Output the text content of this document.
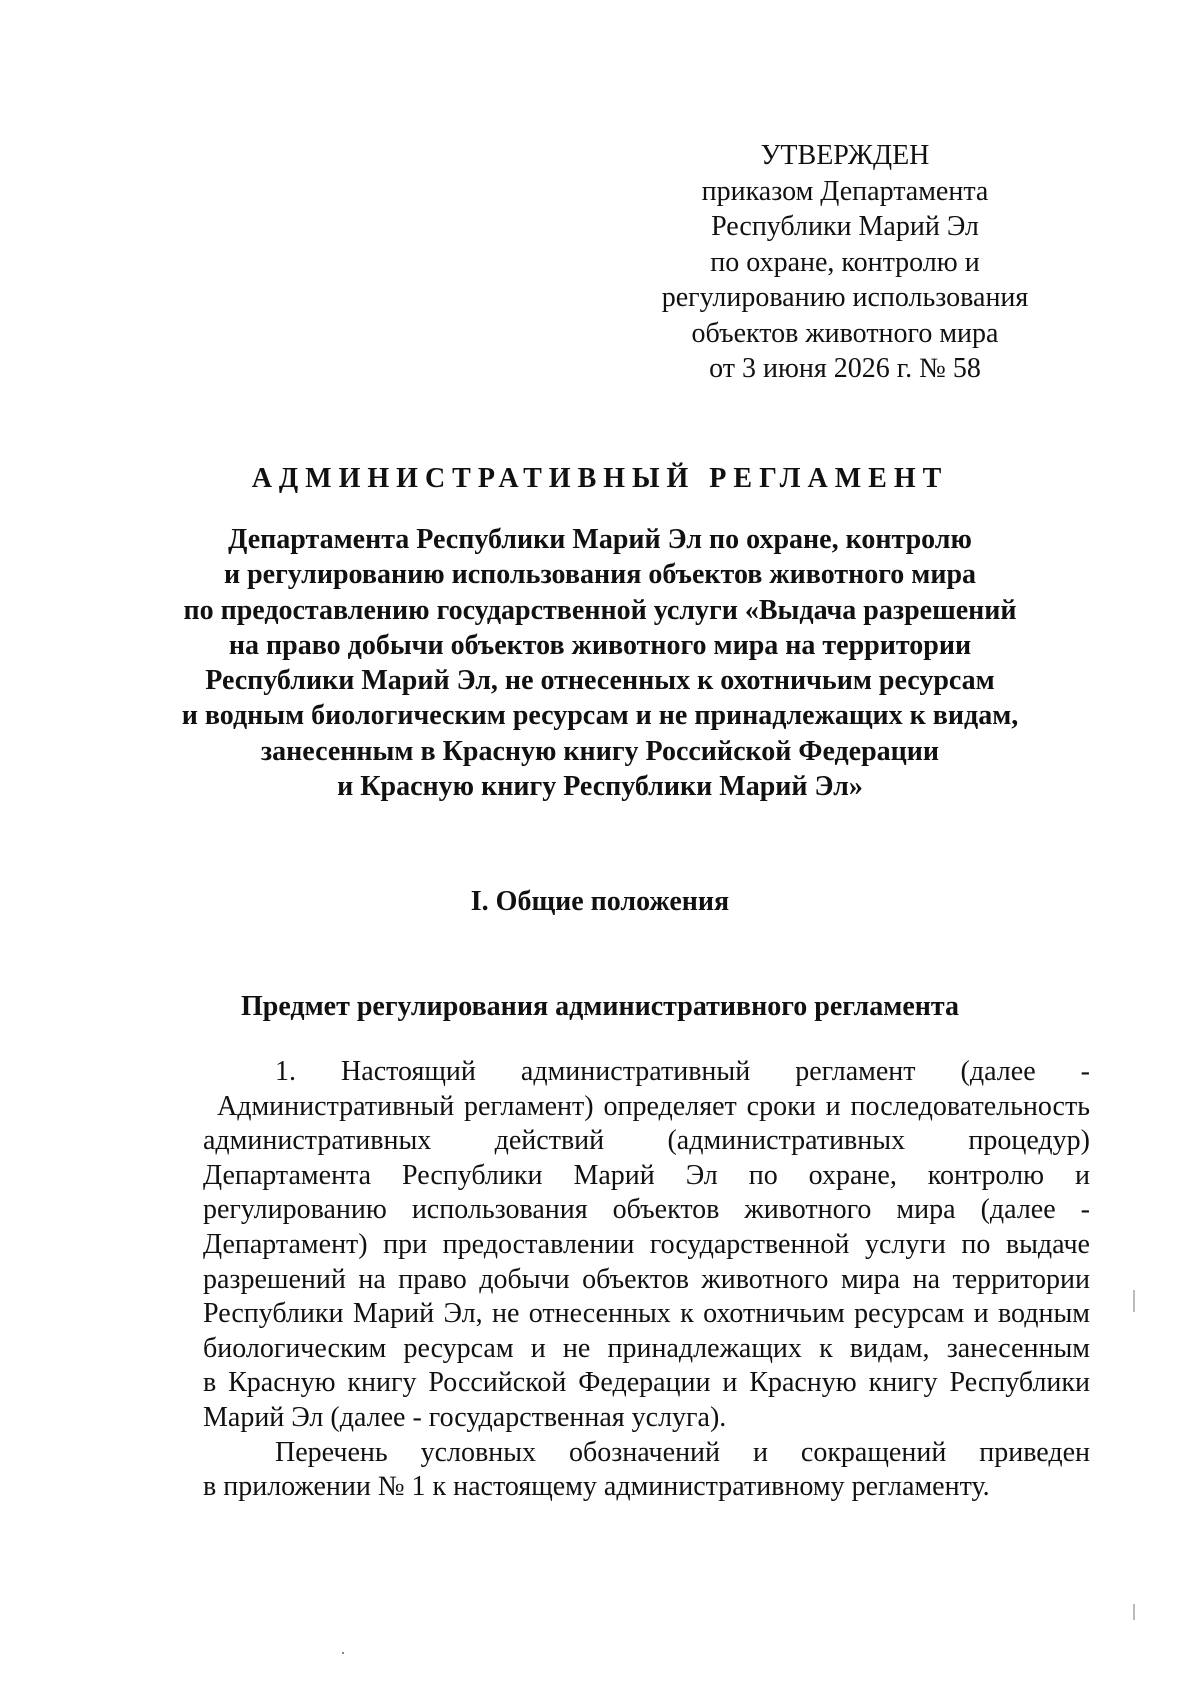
УТВЕРЖДЕН
приказом Департамента
Республики Марий Эл
по охране, контролю и
регулированию использования
объектов животного мира
от 3 июня 2026 г. № 58
АДМИНИСТРАТИВНЫЙ РЕГЛАМЕНТ
Департамента Республики Марий Эл по охране, контролю
и регулированию использования объектов животного мира
по предоставлению государственной услуги «Выдача разрешений
на право добычи объектов животного мира на территории
Республики Марий Эл, не отнесенных к охотничьим ресурсам
и водным биологическим ресурсам и не принадлежащих к видам,
занесенным в Красную книгу Российской Федерации
и Красную книгу Республики Марий Эл»
I. Общие положения
Предмет регулирования административного регламента
1. Настоящий административный регламент (далее -
Административный регламент) определяет сроки и последовательность
административных действий (административных процедур)
Департамента Республики Марий Эл по охране, контролю и
регулированию использования объектов животного мира (далее -
Департамент) при предоставлении государственной услуги по выдаче
разрешений на право добычи объектов животного мира на территории
Республики Марий Эл, не отнесенных к охотничьим ресурсам и водным
биологическим ресурсам и не принадлежащих к видам, занесенным
в Красную книгу Российской Федерации и Красную книгу Республики
Марий Эл (далее - государственная услуга).
Перечень условных обозначений и сокращений приведен
в приложении № 1 к настоящему административному регламенту.
